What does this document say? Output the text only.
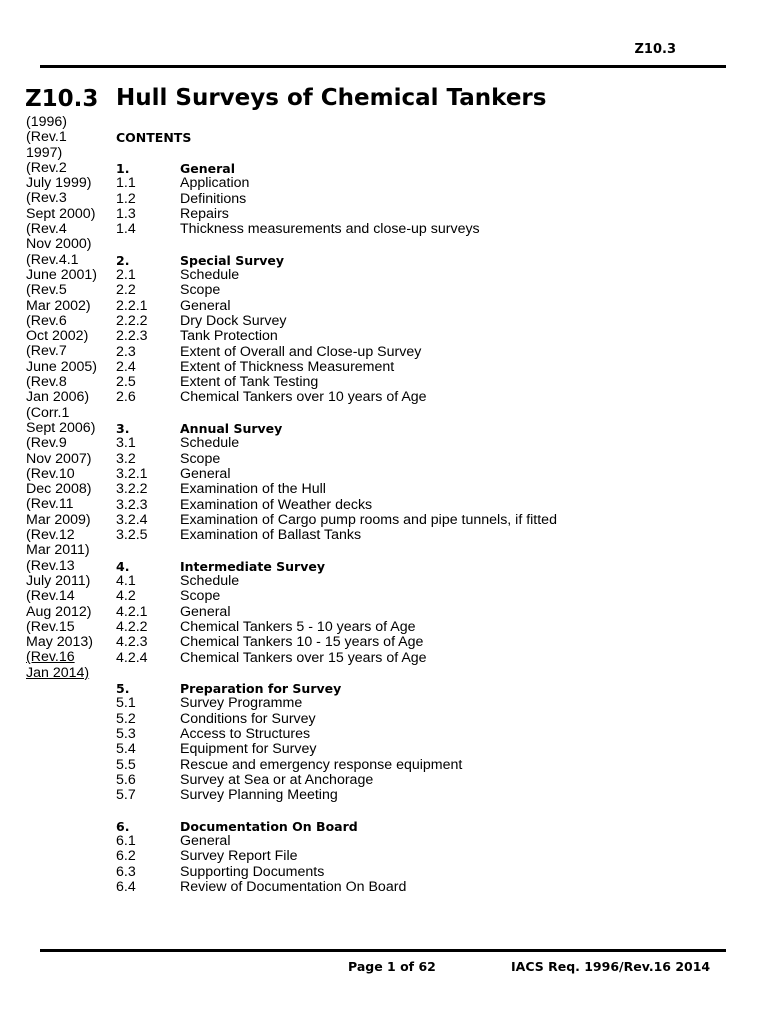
Z10.3
Z10.3 Hull Surveys of Chemical Tankers
(1996)
(Rev.1
1997)
(Rev.2
July 1999)
(Rev.3
Sept 2000)
(Rev.4
Nov 2000)
(Rev.4.1
June 2001)
(Rev.5
Mar 2002)
(Rev.6
Oct 2002)
(Rev.7
June 2005)
(Rev.8
Jan 2006)
(Corr.1
Sept 2006)
(Rev.9
Nov 2007)
(Rev.10
Dec 2008)
(Rev.11
Mar 2009)
(Rev.12
Mar 2011)
(Rev.13
July 2011)
(Rev.14
Aug 2012)
(Rev.15
May 2013)
(Rev.16
Jan 2014)
CONTENTS
1.	General
1.1	Application
1.2	Definitions
1.3	Repairs
1.4	Thickness measurements and close-up surveys
2.	Special Survey
2.1	Schedule
2.2	Scope
2.2.1	General
2.2.2	Dry Dock Survey
2.2.3	Tank Protection
2.3	Extent of Overall and Close-up Survey
2.4	Extent of Thickness Measurement
2.5	Extent of Tank Testing
2.6	Chemical Tankers over 10 years of Age
3.	Annual Survey
3.1	Schedule
3.2	Scope
3.2.1	General
3.2.2	Examination of the Hull
3.2.3	Examination of Weather decks
3.2.4	Examination of Cargo pump rooms and pipe tunnels, if fitted
3.2.5	Examination of Ballast Tanks
4.	Intermediate Survey
4.1	Schedule
4.2	Scope
4.2.1	General
4.2.2	Chemical Tankers 5 - 10 years of Age
4.2.3	Chemical Tankers 10 - 15 years of Age
4.2.4	Chemical Tankers over 15 years of Age
5.	Preparation for Survey
5.1	Survey Programme
5.2	Conditions for Survey
5.3	Access to Structures
5.4	Equipment for Survey
5.5	Rescue and emergency response equipment
5.6	Survey at Sea or at Anchorage
5.7	Survey Planning Meeting
6.	Documentation On Board
6.1	General
6.2	Survey Report File
6.3	Supporting Documents
6.4	Review of Documentation On Board
Page 1 of 62	IACS Req. 1996/Rev.16 2014
